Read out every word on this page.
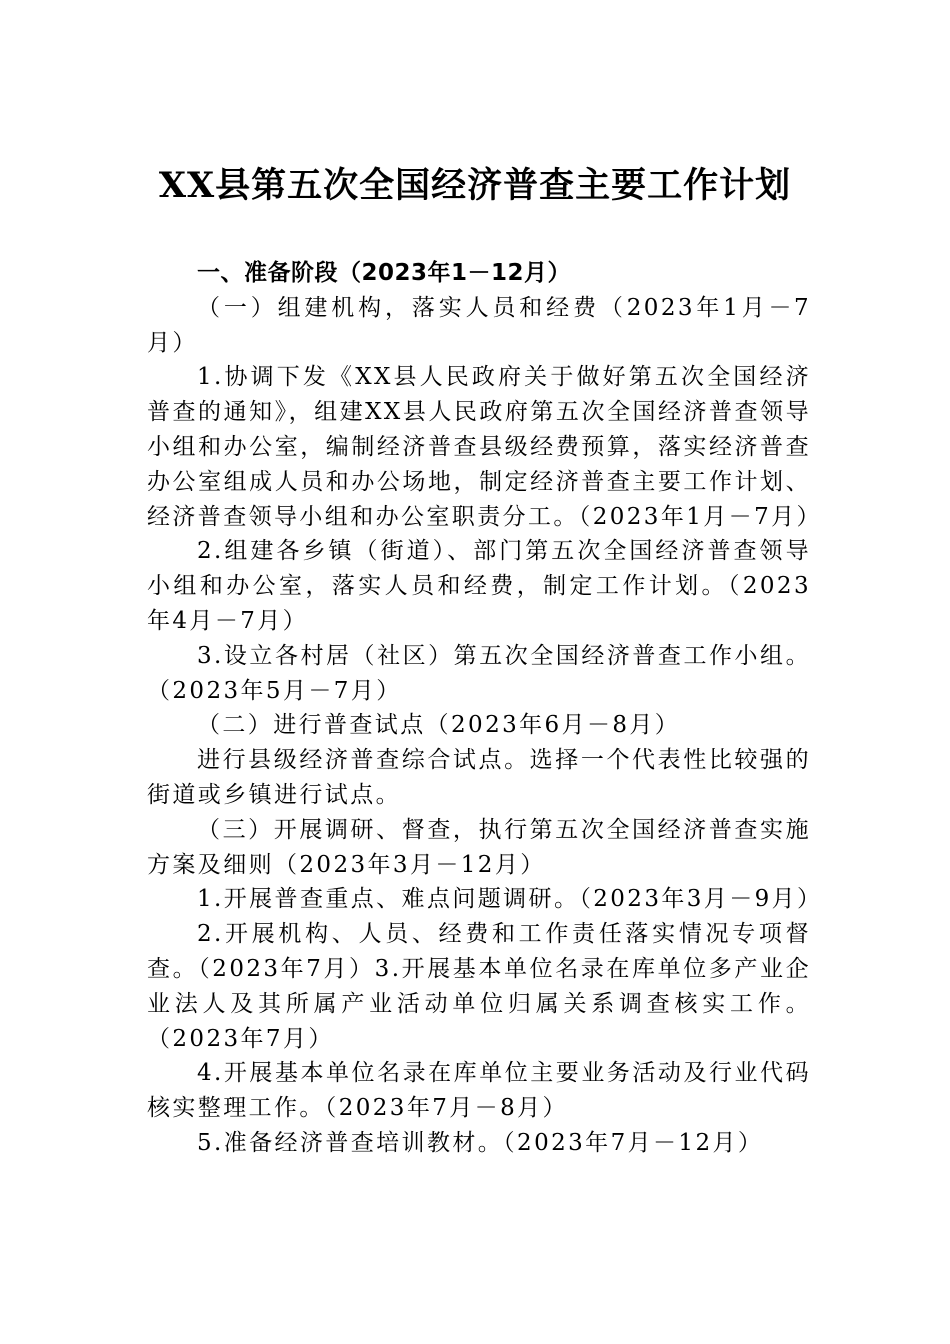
XX县第五次全国经济普查主要工作计划

一、准备阶段（2023年1－12月）

（一）组建机构，落实人员和经费（2023年1月－7月）

1.协调下发《XX县人民政府关于做好第五次全国经济普查的通知》，组建XX县人民政府第五次全国经济普查领导小组和办公室，编制经济普查县级经费预算，落实经济普查办公室组成人员和办公场地，制定经济普查主要工作计划、经济普查领导小组和办公室职责分工。（2023年1月－7月）

2.组建各乡镇（街道）、部门第五次全国经济普查领导小组和办公室，落实人员和经费，制定工作计划。（2023年4月－7月）

3.设立各村居（社区）第五次全国经济普查工作小组。（2023年5月－7月）

（二）进行普查试点（2023年6月－8月）

进行县级经济普查综合试点。选择一个代表性比较强的街道或乡镇进行试点。

（三）开展调研、督查，执行第五次全国经济普查实施方案及细则（2023年3月－12月）

1.开展普查重点、难点问题调研。（2023年3月－9月）

2.开展机构、人员、经费和工作责任落实情况专项督查。（2023年7月）3.开展基本单位名录在库单位多产业企业法人及其所属产业活动单位归属关系调查核实工作。（2023年7月）

4.开展基本单位名录在库单位主要业务活动及行业代码核实整理工作。（2023年7月－8月）

5.准备经济普查培训教材。（2023年7月－12月）
